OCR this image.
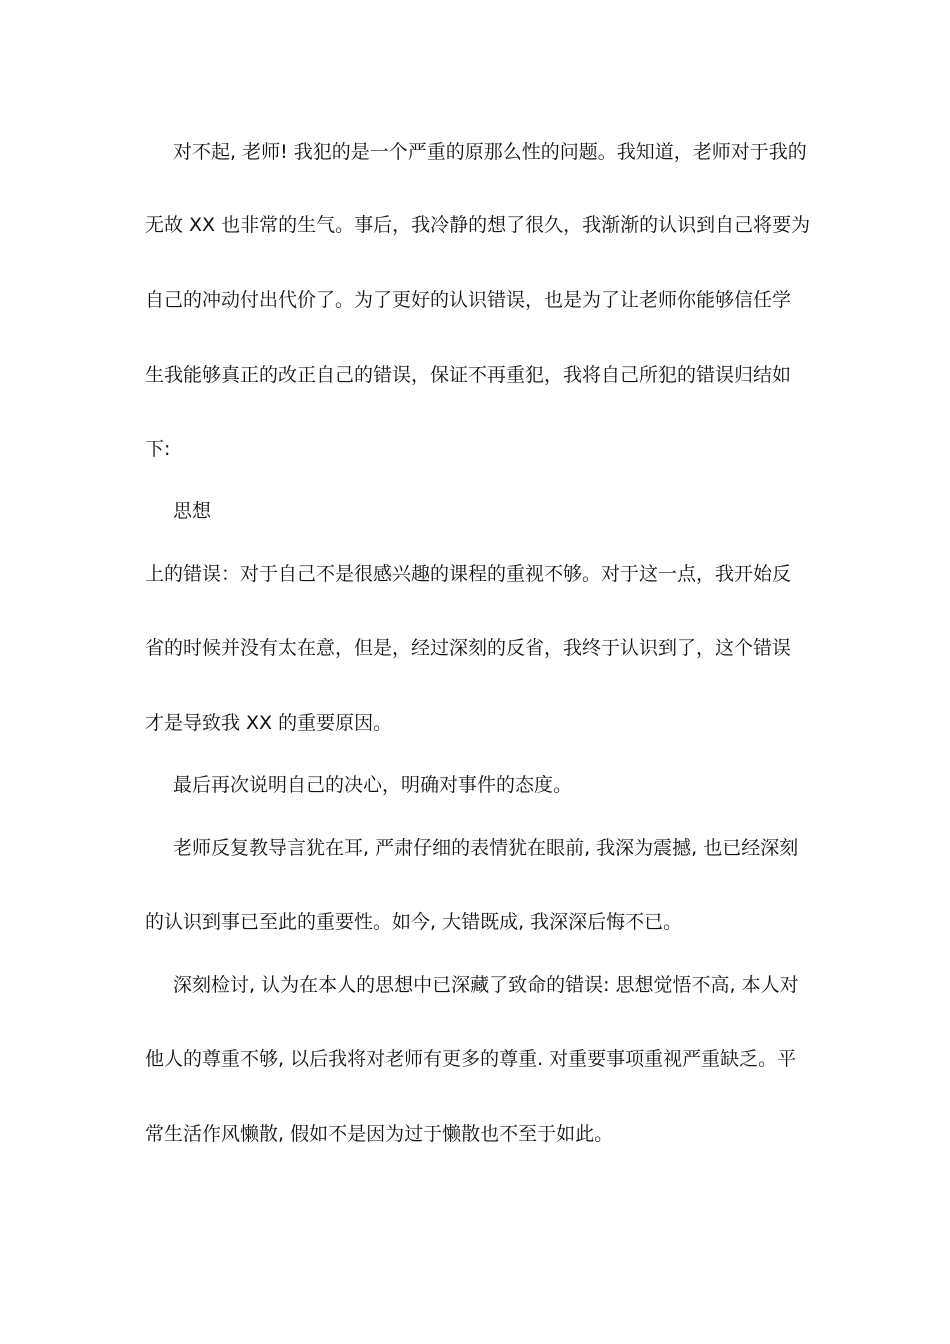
对不起, 老师! 我犯的是一个严重的原那么性的问题。我知道，老师对于我的
无故 XX 也非常的生气。事后，我冷静的想了很久，我渐渐的认识到自己将要为
自己的冲动付出代价了。为了更好的认识错误，也是为了让老师你能够信任学
生我能够真正的改正自己的错误，保证不再重犯，我将自己所犯的错误归结如
下:
思想
上的错误：对于自己不是很感兴趣的课程的重视不够。对于这一点，我开始反
省的时候并没有太在意，但是，经过深刻的反省，我终于认识到了，这个错误
才是导致我 XX 的重要原因。
最后再次说明自己的决心，明确对事件的态度。
老师反复教导言犹在耳, 严肃仔细的表情犹在眼前, 我深为震撼, 也已经深刻
的认识到事已至此的重要性。如今, 大错既成, 我深深后悔不已。
深刻检讨, 认为在本人的思想中已深藏了致命的错误: 思想觉悟不高, 本人对
他人的尊重不够, 以后我将对老师有更多的尊重. 对重要事项重视严重缺乏。平
常生活作风懒散, 假如不是因为过于懒散也不至于如此。
